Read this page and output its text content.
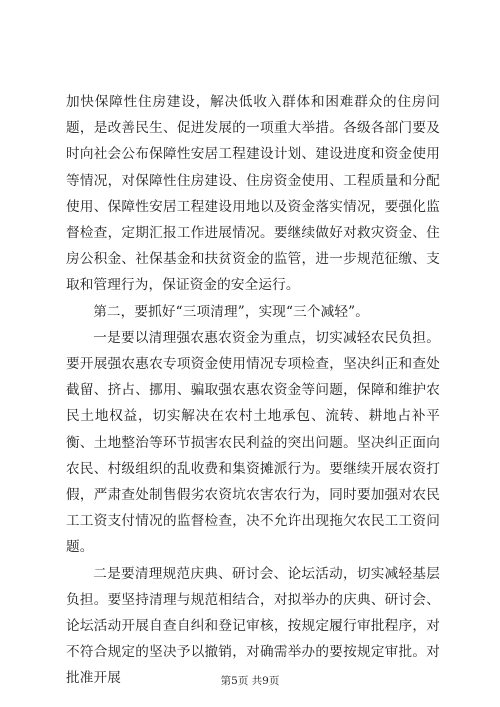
加快保障性住房建设，解决低收入群体和困难群众的住房问题，是改善民生、促进发展的一项重大举措。各级各部门要及时向社会公布保障性安居工程建设计划、建设进度和资金使用等情况，对保障性住房建设、住房资金使用、工程质量和分配使用、保障性安居工程建设用地以及资金落实情况，要强化监督检查，定期汇报工作进展情况。要继续做好对救灾资金、住房公积金、社保基金和扶贫资金的监管，进一步规范征缴、支取和管理行为，保证资金的安全运行。

第二，要抓好“三项清理”，实现“三个减轻”。

一是要以清理强农惠农资金为重点，切实减轻农民负担。要开展强农惠农专项资金使用情况专项检查，坚决纠正和查处截留、挤占、挪用、骗取强农惠农资金等问题，保障和维护农民土地权益，切实解决在农村土地承包、流转、耕地占补平衡、土地整治等环节损害农民利益的突出问题。坚决纠正面向农民、村级组织的乱收费和集资摊派行为。要继续开展农资打假，严肃查处制售假劣农资坑农害农行为，同时要加强对农民工工资支付情况的监督检查，决不允许出现拖欠农民工工资问题。

二是要清理规范庆典、研讨会、论坛活动，切实减轻基层负担。要坚持清理与规范相结合，对拟举办的庆典、研讨会、论坛活动开展自查自纠和登记审核，按规定履行审批程序，对不符合规定的坚决予以撤销，对确需举办的要按规定审批。对批准开展	第5页 共9页
